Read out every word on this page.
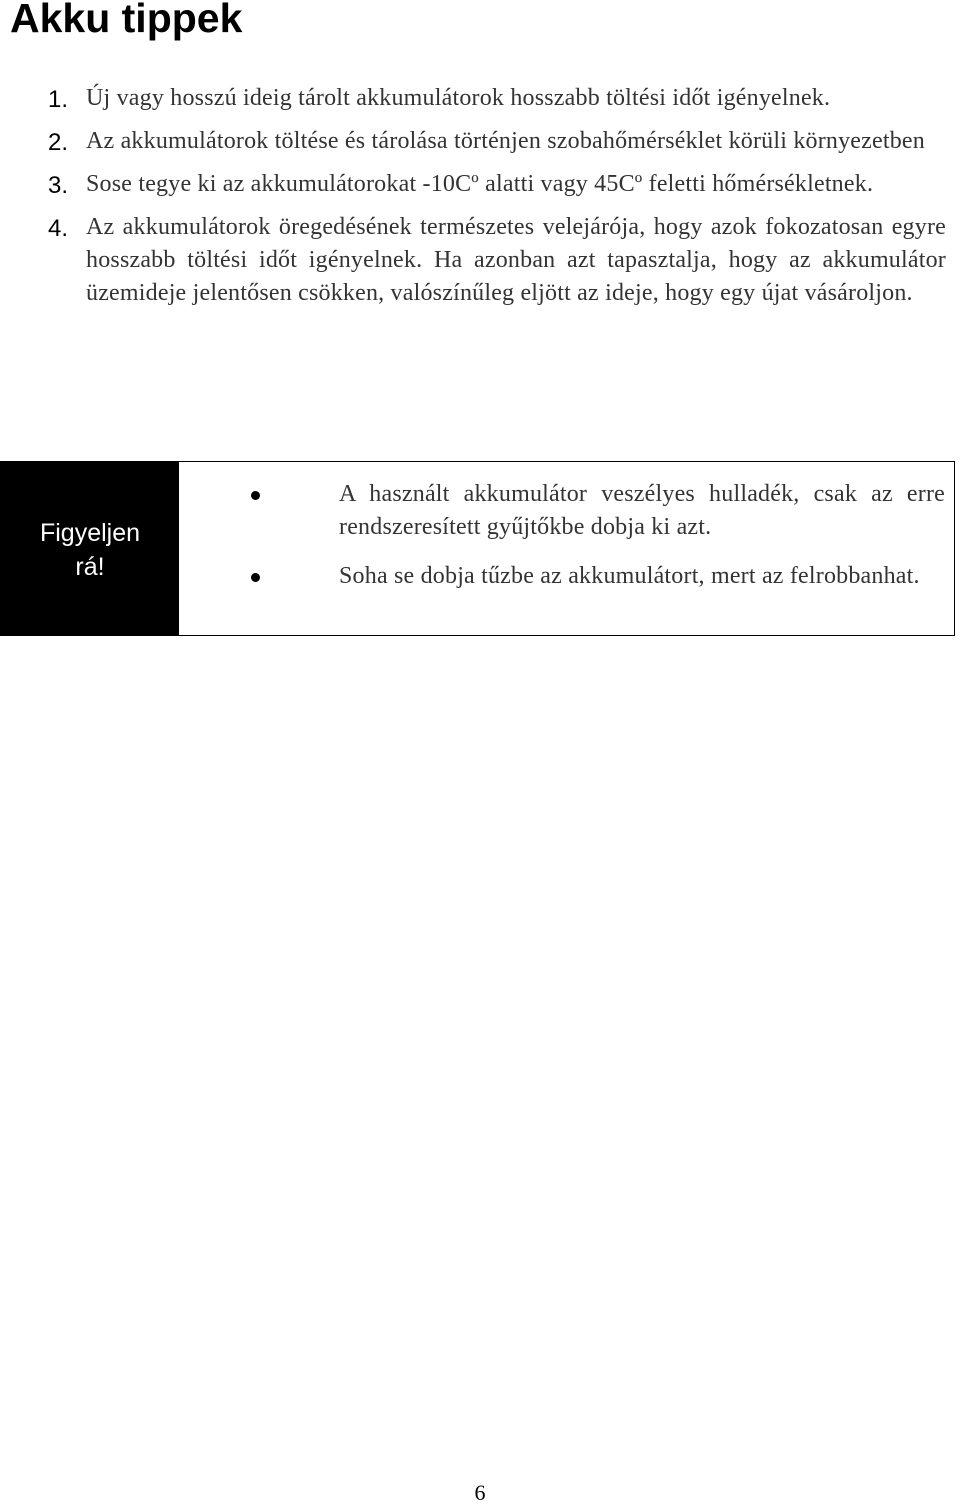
Akku tippek
1. Új vagy hosszú ideig tárolt akkumulátorok hosszabb töltési időt igényelnek.
2. Az akkumulátorok töltése és tárolása történjen szobahőmérséklet körüli környezetben
3. Sose tegye ki az akkumulátorokat -10Cº alatti vagy 45Cº feletti hőmérsékletnek.
4. Az akkumulátorok öregedésének természetes velejárója, hogy azok fokozatosan egyre hosszabb töltési időt igényelnek. Ha azonban azt tapasztalja, hogy az akkumulátor üzemideje jelentősen csökken, valószínűleg eljött az ideje, hogy egy újat vásároljon.
Figyeljen
rá!
A használt akkumulátor veszélyes hulladék, csak az erre rendszeresített gyűjtőkbe dobja ki azt.
Soha se dobja tűzbe az akkumulátort, mert az felrobbanhat.
6
